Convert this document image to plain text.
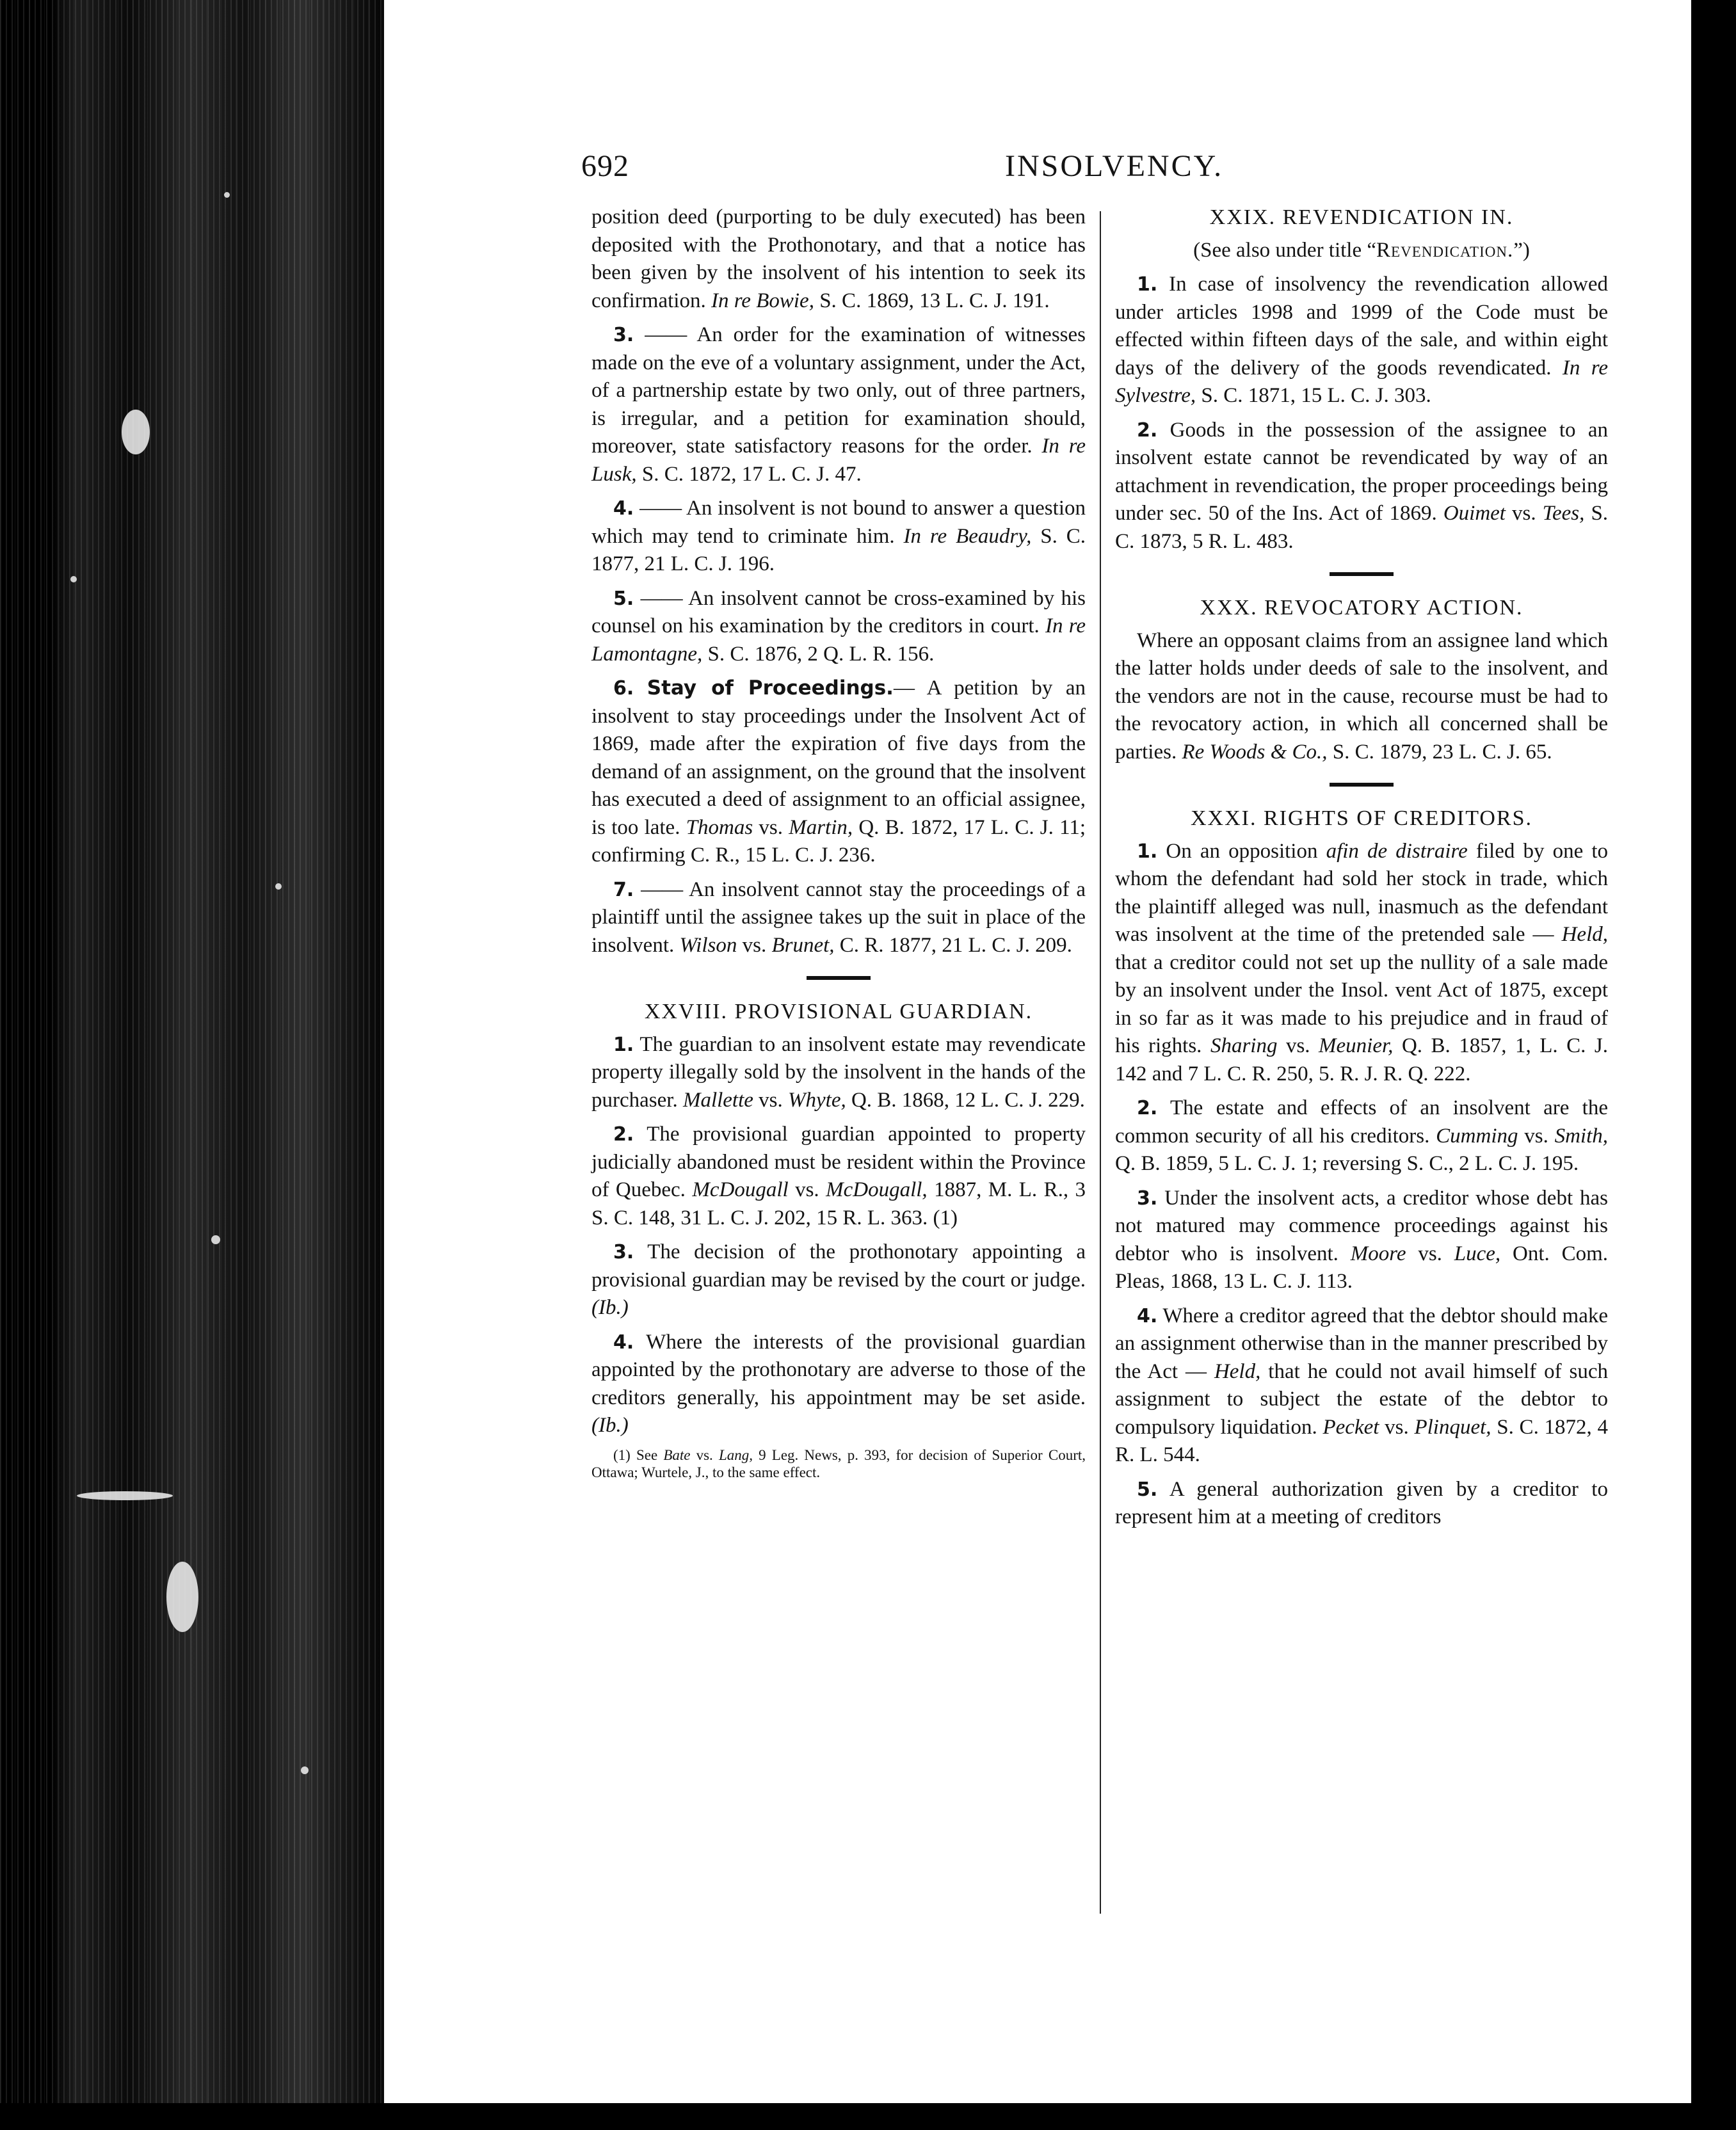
692	INSOLVENCY.

position deed (purporting to be duly executed) has been deposited with the Prothonotary, and that a notice has been given by the insolvent of his intention to seek its confirmation. In re Bowie, S. C. 1869, 13 L. C. J. 191.

3. —— An order for the examination of witnesses made on the eve of a voluntary assignment, under the Act, of a partnership estate by two only, out of three partners, is irregular, and a petition for examination should, moreover, state satisfactory reasons for the order. In re Lusk, S. C. 1872, 17 L. C. J. 47.

4. —— An insolvent is not bound to answer a question which may tend to criminate him. In re Beaudry, S. C. 1877, 21 L. C. J. 196.

5. —— An insolvent cannot be cross-examined by his counsel on his examination by the creditors in court. In re Lamontagne, S. C. 1876, 2 Q. L. R. 156.

6. Stay of Proceedings.— A petition by an insolvent to stay proceedings under the Insolvent Act of 1869, made after the expiration of five days from the demand of an assignment, on the ground that the insolvent has executed a deed of assignment to an official assignee, is too late. Thomas vs. Martin, Q. B. 1872, 17 L. C. J. 11; confirming C. R., 15 L. C. J. 236.

7. —— An insolvent cannot stay the proceedings of a plaintiff until the assignee takes up the suit in place of the insolvent. Wilson vs. Brunet, C. R. 1877, 21 L. C. J. 209.

XXVIII. PROVISIONAL GUARDIAN.

1. The guardian to an insolvent estate may revendicate property illegally sold by the insolvent in the hands of the purchaser. Mallette vs. Whyte, Q. B. 1868, 12 L. C. J. 229.

2. The provisional guardian appointed to property judicially abandoned must be resident within the Province of Quebec. McDougall vs. McDougall, 1887, M. L. R., 3 S. C. 148, 31 L. C. J. 202, 15 R. L. 363. (1)

3. The decision of the prothonotary appointing a provisional guardian may be revised by the court or judge. (Ib.)

4. Where the interests of the provisional guardian appointed by the prothonotary are adverse to those of the creditors generally, his appointment may be set aside. (Ib.)

(1) See Bate vs. Lang, 9 Leg. News, p. 393, for decision of Superior Court, Ottawa; Wurtele, J., to the same effect.

XXIX. REVENDICATION IN.

(See also under title “Revendication.”)

1. In case of insolvency the revendication allowed under articles 1998 and 1999 of the Code must be effected within fifteen days of the sale, and within eight days of the delivery of the goods revendicated. In re Sylvestre, S. C. 1871, 15 L. C. J. 303.

2. Goods in the possession of the assignee to an insolvent estate cannot be revendicated by way of an attachment in revendication, the proper proceedings being under sec. 50 of the Ins. Act of 1869. Ouimet vs. Tees, S. C. 1873, 5 R. L. 483.

XXX. REVOCATORY ACTION.

Where an opposant claims from an assignee land which the latter holds under deeds of sale to the insolvent, and the vendors are not in the cause, recourse must be had to the revocatory action, in which all concerned shall be parties. Re Woods & Co., S. C. 1879, 23 L. C. J. 65.

XXXI. RIGHTS OF CREDITORS.

1. On an opposition afin de distraire filed by one to whom the defendant had sold her stock in trade, which the plaintiff alleged was null, inasmuch as the defendant was insolvent at the time of the pretended sale — Held, that a creditor could not set up the nullity of a sale made by an insolvent under the Insol. vent Act of 1875, except in so far as it was made to his prejudice and in fraud of his rights. Sharing vs. Meunier, Q. B. 1857, 1, L. C. J. 142 and 7 L. C. R. 250, 5. R. J. R. Q. 222.

2. The estate and effects of an insolvent are the common security of all his creditors. Cumming vs. Smith, Q. B. 1859, 5 L. C. J. 1; reversing S. C., 2 L. C. J. 195.

3. Under the insolvent acts, a creditor whose debt has not matured may commence proceedings against his debtor who is insolvent. Moore vs. Luce, Ont. Com. Pleas, 1868, 13 L. C. J. 113.

4. Where a creditor agreed that the debtor should make an assignment otherwise than in the manner prescribed by the Act — Held, that he could not avail himself of such assignment to subject the estate of the debtor to compulsory liquidation. Pecket vs. Plinquet, S. C. 1872, 4 R. L. 544.

5. A general authorization given by a creditor to represent him at a meeting of creditors
